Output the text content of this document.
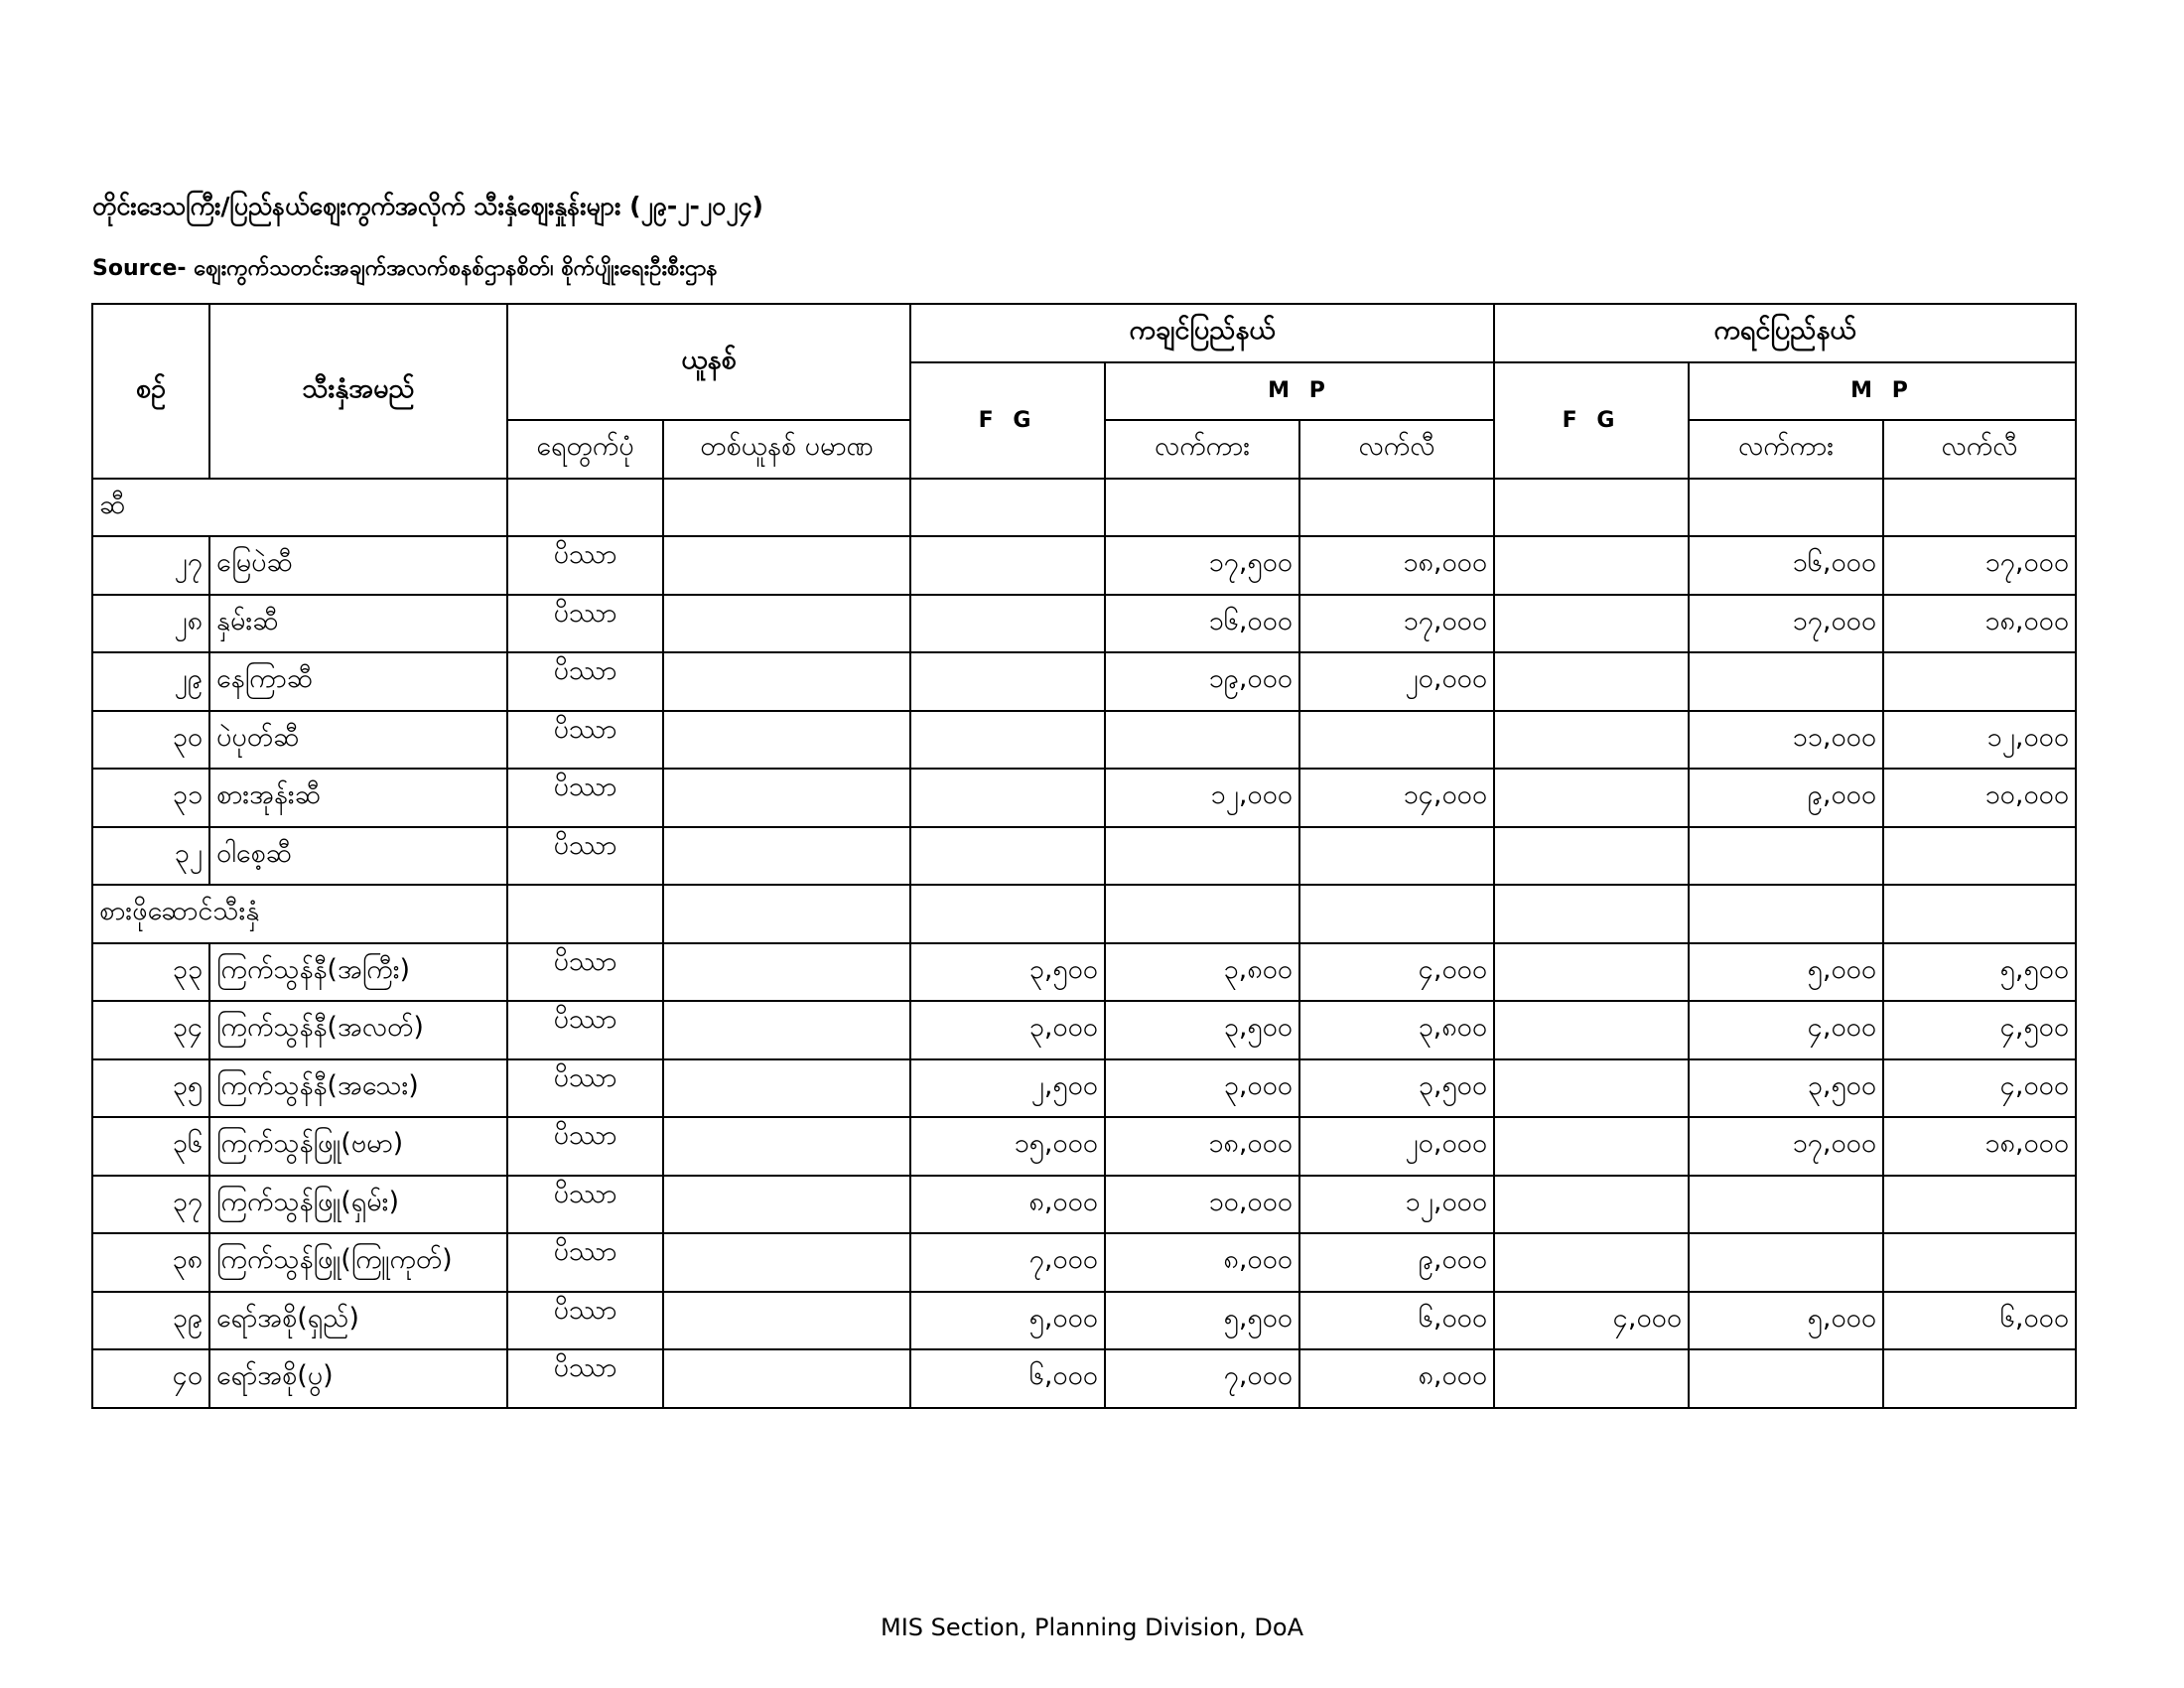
တိုင်းဒေသကြီး/ပြည်နယ်ဈေးကွက်အလိုက် သီးနှံဈေးနှုန်းများ (၂၉-၂-၂၀၂၄)
Source- ဈေးကွက်သတင်းအချက်အလက်စနစ်ဌာနစိတ်၊ စိုက်ပျိုးရေးဦးစီးဌာန
စဉ်	သီးနှံအမည်	ယူနစ်		ကချင်ပြည်နယ်			ကရင်ပြည်နယ်		
				F G	M P		F G	M P	
		ရေတွက်ပုံ	တစ်ယူနစ် ပမာဏ		လက်ကား	လက်လီ		လက်ကား	လက်လီ
ဆီ									
၂၇	မြေပဲဆီ	ပိဿာ			၁၇,၅၀၀	၁၈,၀၀၀		၁၆,၀၀၀	၁၇,၀၀၀
၂၈	နှမ်းဆီ	ပိဿာ			၁၆,၀၀၀	၁၇,၀၀၀		၁၇,၀၀၀	၁၈,၀၀၀
၂၉	နေကြာဆီ	ပိဿာ			၁၉,၀၀၀	၂၀,၀၀၀			
၃၀	ပဲပုတ်ဆီ	ပိဿာ						၁၁,၀၀၀	၁၂,၀၀၀
၃၁	စားအုန်းဆီ	ပိဿာ			၁၂,၀၀၀	၁၄,၀၀၀		၉,၀၀၀	၁၀,၀၀၀
၃၂	ဝါစေ့ဆီ	ပိဿာ							
စားဖိုဆောင်သီးနှံ									
၃၃	ကြက်သွန်နီ(အကြီး)	ပိဿာ		၃,၅၀၀	၃,၈၀၀	၄,၀၀၀		၅,၀၀၀	၅,၅၀၀
၃၄	ကြက်သွန်နီ(အလတ်)	ပိဿာ		၃,၀၀၀	၃,၅၀၀	၃,၈၀၀		၄,၀၀၀	၄,၅၀၀
၃၅	ကြက်သွန်နီ(အသေး)	ပိဿာ		၂,၅၀၀	၃,၀၀၀	၃,၅၀၀		၃,၅၀၀	၄,၀၀၀
၃၆	ကြက်သွန်ဖြူ(ဗမာ)	ပိဿာ		၁၅,၀၀၀	၁၈,၀၀၀	၂၀,၀၀၀		၁၇,၀၀၀	၁၈,၀၀၀
၃၇	ကြက်သွန်ဖြူ(ရှမ်း)	ပိဿာ		၈,၀၀၀	၁၀,၀၀၀	၁၂,၀၀၀			
၃၈	ကြက်သွန်ဖြူ(ကြူကုတ်)	ပိဿာ		၇,၀၀၀	၈,၀၀၀	၉,၀၀၀			
၃၉	ရော်အစို(ရှည်)	ပိဿာ		၅,၀၀၀	၅,၅၀၀	၆,၀၀၀	၄,၀၀၀	၅,၀၀၀	၆,၀၀၀
၄၀	ရော်အစို(ပွ)	ပိဿာ		၆,၀၀၀	၇,၀၀၀	၈,၀၀၀			
MIS Section, Planning Division, DoA
